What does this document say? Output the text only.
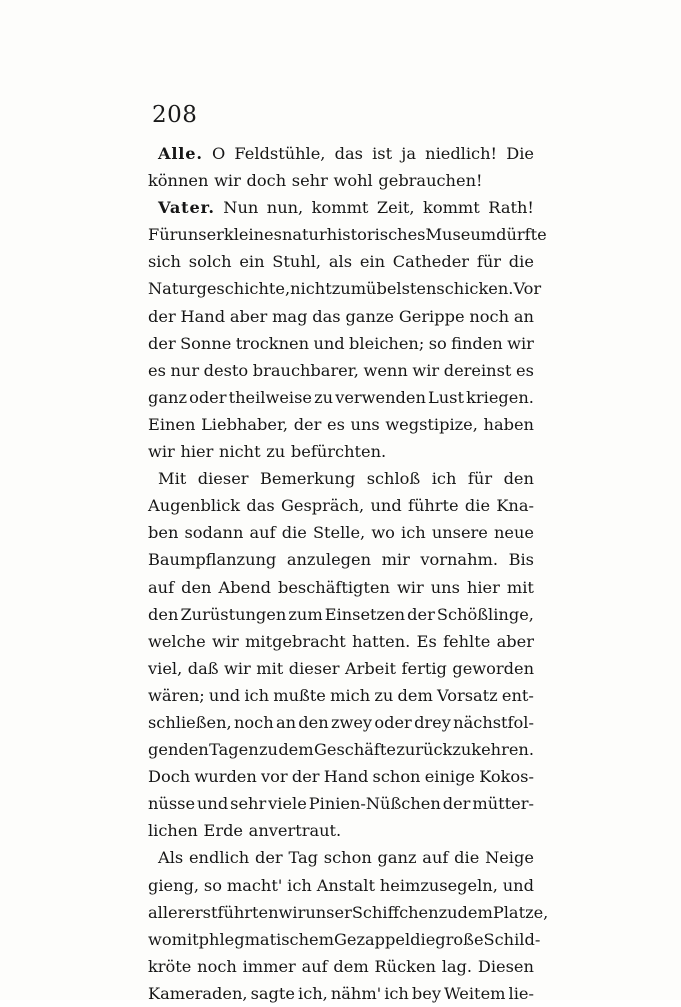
208
Alle. O Feldstühle, das ist ja niedlich! Die
können wir doch sehr wohl gebrauchen!
Vater. Nun nun, kommt Zeit, kommt Rath!
Für unser kleines naturhistorisches Museum dürfte
sich solch ein Stuhl, als ein Catheder für die
Naturgeschichte, nicht zum übelsten schicken. Vor
der Hand aber mag das ganze Gerippe noch an
der Sonne trocknen und bleichen; so finden wir
es nur desto brauchbarer, wenn wir dereinst es
ganz oder theilweise zu verwenden Lust kriegen.
Einen Liebhaber, der es uns wegstipize, haben
wir hier nicht zu befürchten.
Mit dieser Bemerkung schloß ich für den
Augenblick das Gespräch, und führte die Kna-
ben sodann auf die Stelle, wo ich unsere neue
Baumpflanzung anzulegen mir vornahm. Bis
auf den Abend beschäftigten wir uns hier mit
den Zurüstungen zum Einsetzen der Schößlinge,
welche wir mitgebracht hatten. Es fehlte aber
viel, daß wir mit dieser Arbeit fertig geworden
wären; und ich mußte mich zu dem Vorsatz ent-
schließen, noch an den zwey oder drey nächstfol-
genden Tagen zu dem Geschäfte zurückzukehren.
Doch wurden vor der Hand schon einige Kokos-
nüsse und sehr viele Pinien-Nüßchen der mütter-
lichen Erde anvertraut.
Als endlich der Tag schon ganz auf die Neige
gieng, so macht' ich Anstalt heimzusegeln, und
allererst führten wir unser Schiffchen zu dem Platze,
wo mit phlegmatischem Gezappel die große Schild-
kröte noch immer auf dem Rücken lag. Diesen
Kameraden, sagte ich, nähm' ich bey Weitem lie-
